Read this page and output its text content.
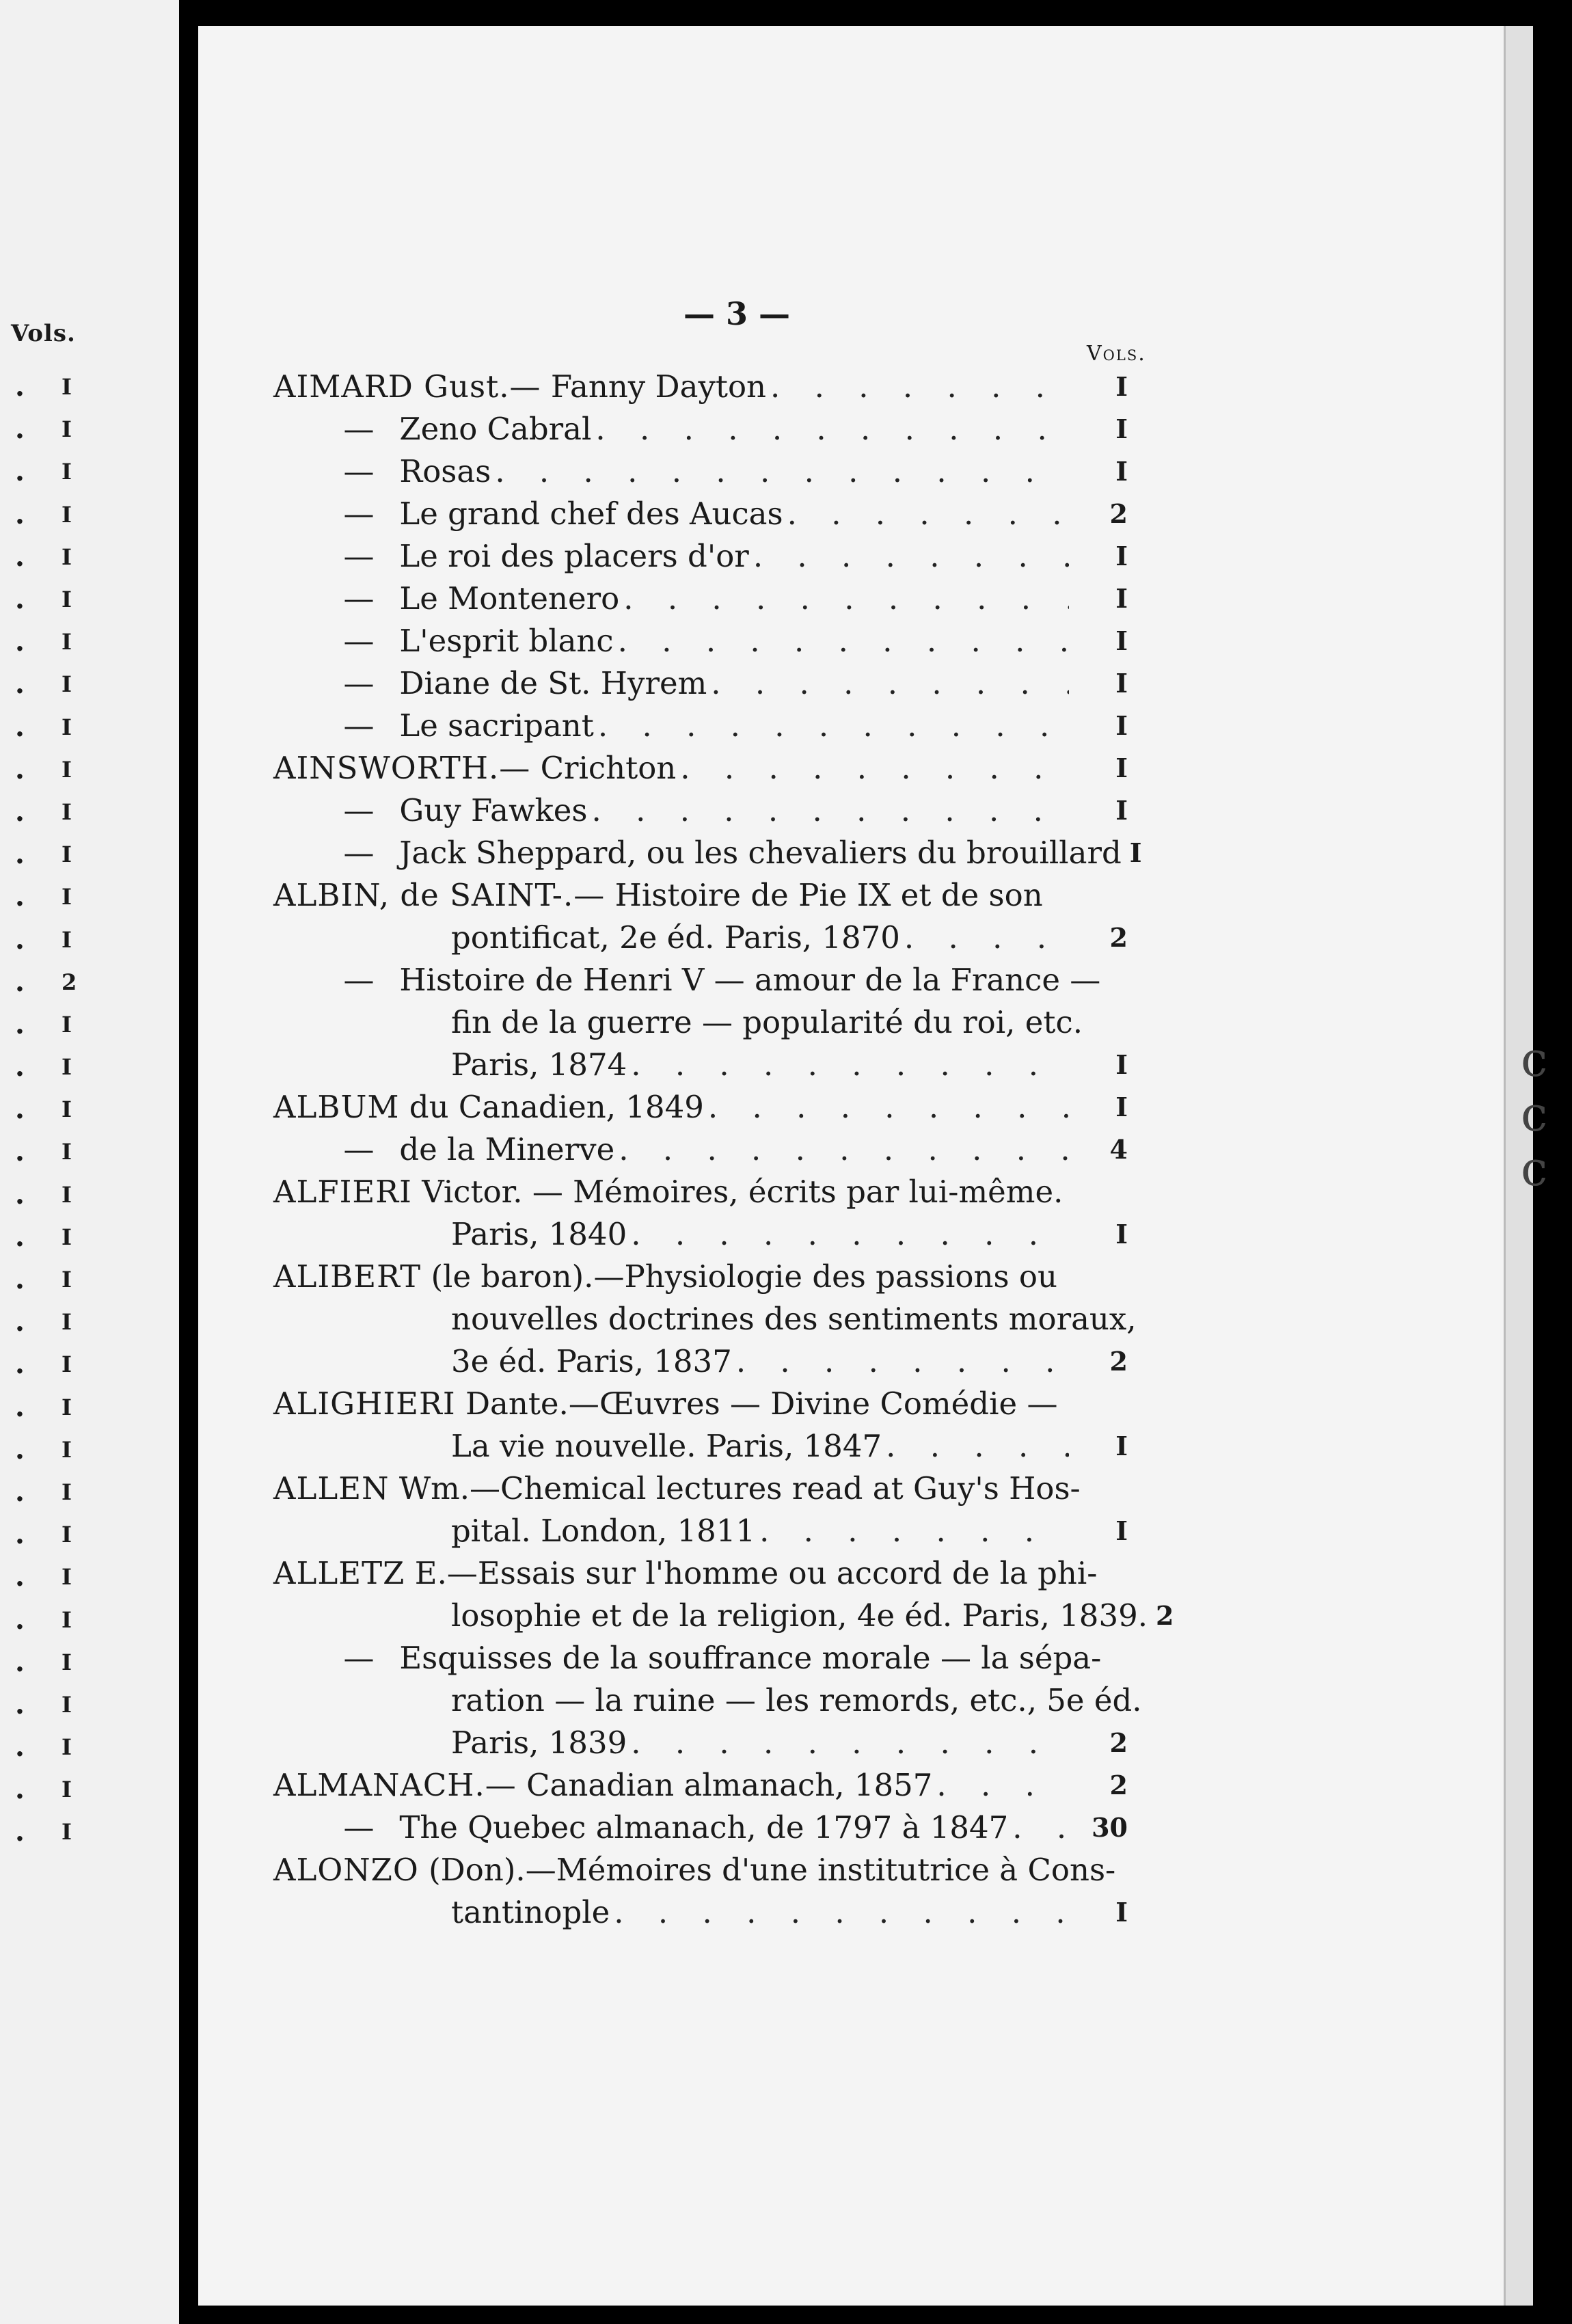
Vols.
.	I
.	I
.	I
.	I
.	I
.	I
.	I
.	I
.	I
.	I
.	I
.	I
.	I
.	I
.	2
.	I
.	I
.	I
.	I
.	I
.	I
.	I
.	I
.	I
.	I
.	I
.	I
.	I
.	I
.	I
.	I
.	I
.	I
.	I
.	I
— 3 —
Vols.
AIMARD Gust.— Fanny Dayton . . .	I
— Zeno Cabral . . .	I
— Rosas . . .	I
— Le grand chef des Aucas . . .	2
— Le roi des placers d'or . . .	I
— Le Montenero . . .	I
— L'esprit blanc . . .	I
— Diane de St. Hyrem . . .	I
— Le sacripant . . .	I
AINSWORTH.— Crichton . . .	I
— Guy Fawkes . . .	I
— Jack Sheppard, ou les chevaliers du brouillard I
ALBIN, de SAINT-.— Histoire de Pie IX et de son
pontificat, 2e éd. Paris, 1870 . . .	2
— Histoire de Henri V — amour de la France —
fin de la guerre — popularité du roi, etc.
Paris, 1874 . . .	I
ALBUM du Canadien, 1849 . . .	I
— de la Minerve . . .	4
ALFIERI Victor. — Mémoires, écrits par lui-même.
Paris, 1840 . . .	I
ALIBERT (le baron).—Physiologie des passions ou
nouvelles doctrines des sentiments moraux,
3e éd. Paris, 1837 . . .	2
ALIGHIERI Dante.—Œuvres — Divine Comédie —
La vie nouvelle. Paris, 1847 . . .	I
ALLEN Wm.—Chemical lectures read at Guy's Hos-
pital. London, 1811 . . .	I
ALLETZ E.—Essais sur l'homme ou accord de la phi-
losophie et de la religion, 4e éd. Paris, 1839. 2
— Esquisses de la souffrance morale — la sépa-
ration — la ruine — les remords, etc., 5e éd.
Paris, 1839 . . .	2
ALMANACH.— Canadian almanach, 1857 . . .	2
— The Quebec almanach, de 1797 à 1847 . . .	30
ALONZO (Don).—Mémoires d'une institutrice à Cons-
tantinople . . .	I
c
c
c
